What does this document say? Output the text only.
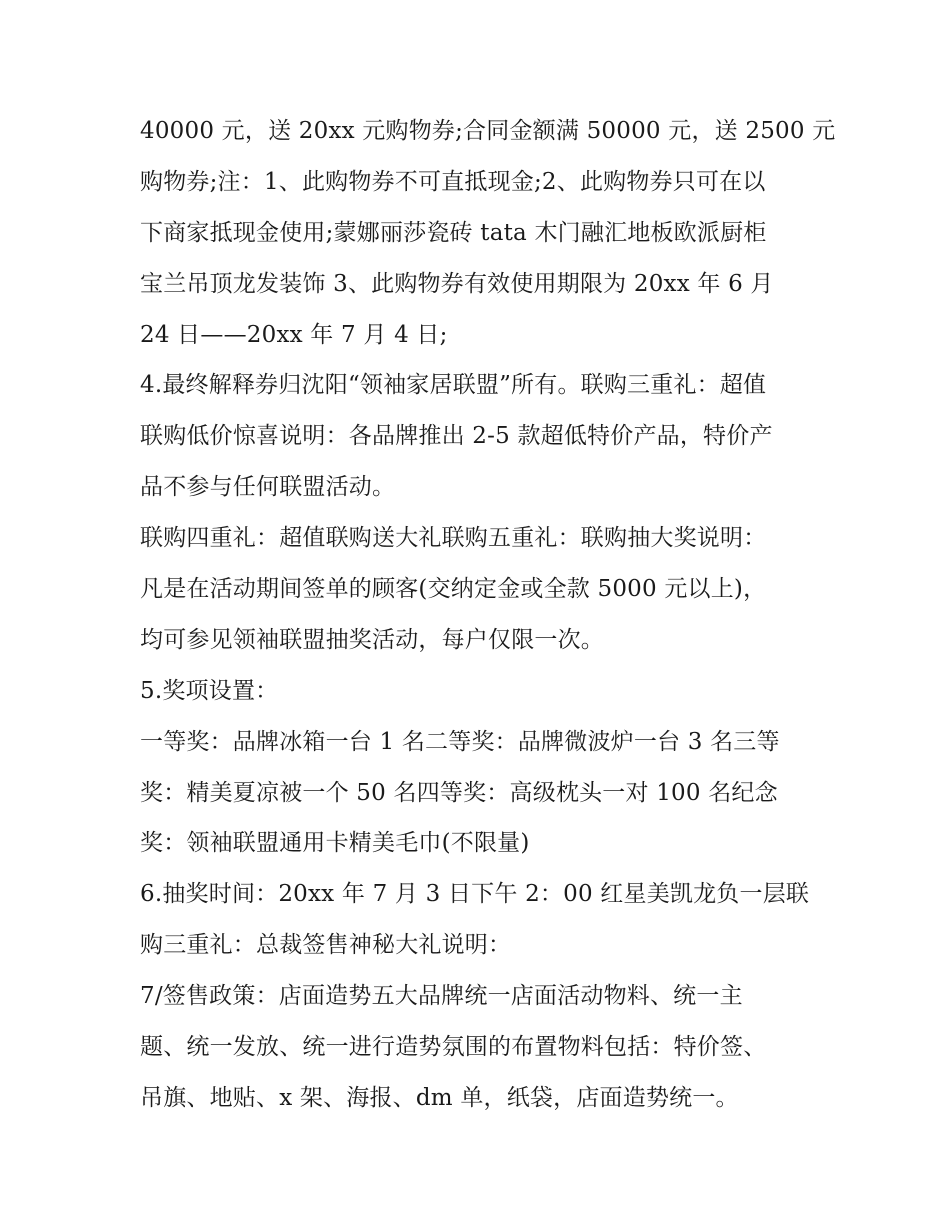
40000 元，送 20xx 元购物券;合同金额满 50000 元，送 2500 元
购物券;注：1、此购物券不可直抵现金;2、此购物券只可在以
下商家抵现金使用;蒙娜丽莎瓷砖 tata 木门融汇地板欧派厨柜
宝兰吊顶龙发装饰 3、此购物券有效使用期限为 20xx 年 6 月
24 日——20xx 年 7 月 4 日;
4.最终解释券归沈阳“领袖家居联盟”所有。联购三重礼：超值
联购低价惊喜说明：各品牌推出 2-5 款超低特价产品，特价产
品不参与任何联盟活动。
联购四重礼：超值联购送大礼联购五重礼：联购抽大奖说明：
凡是在活动期间签单的顾客(交纳定金或全款 5000 元以上)，
均可参见领袖联盟抽奖活动，每户仅限一次。
5.奖项设置：
一等奖：品牌冰箱一台 1 名二等奖：品牌微波炉一台 3 名三等
奖：精美夏凉被一个 50 名四等奖：高级枕头一对 100 名纪念
奖：领袖联盟通用卡精美毛巾(不限量)
6.抽奖时间：20xx 年 7 月 3 日下午 2：00 红星美凯龙负一层联
购三重礼：总裁签售神秘大礼说明：
7/签售政策：店面造势五大品牌统一店面活动物料、统一主
题、统一发放、统一进行造势氛围的布置物料包括：特价签、
吊旗、地贴、x 架、海报、dm 单，纸袋，店面造势统一。
